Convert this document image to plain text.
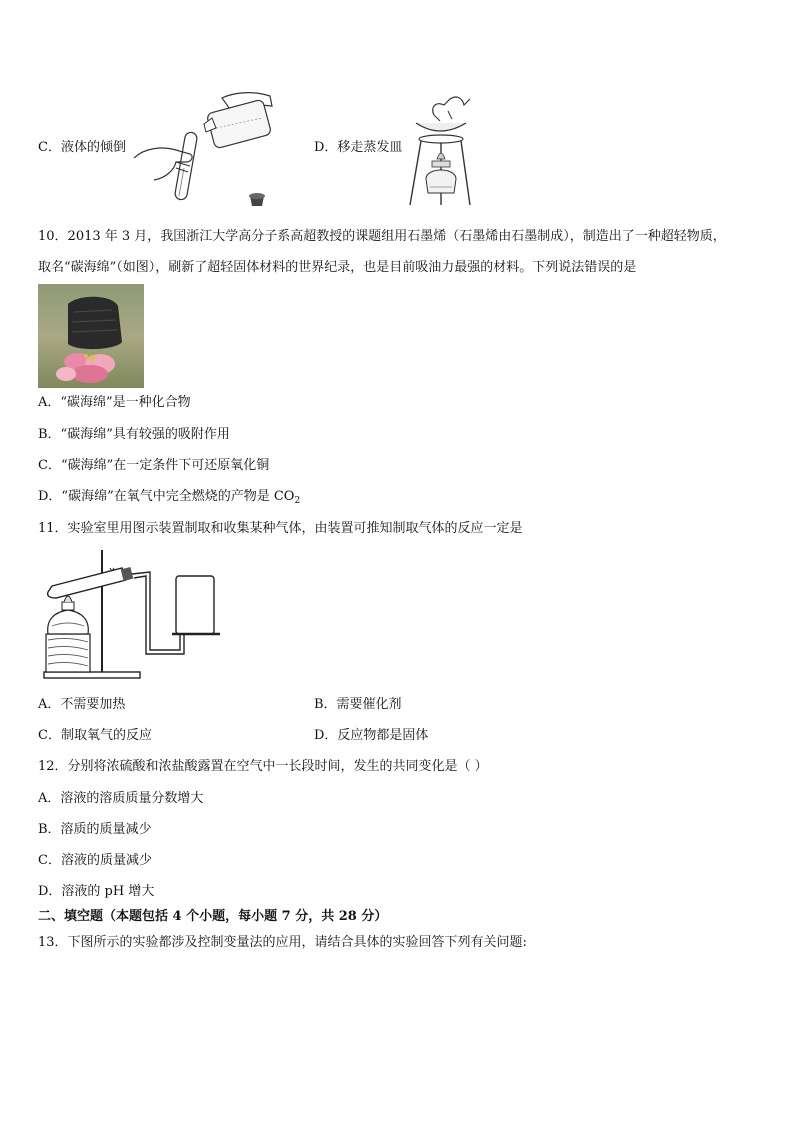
C．液体的倾倒	D．移走蒸发皿
10．2013 年 3 月，我国浙江大学高分子系高超教授的课题组用石墨烯（石墨烯由石墨制成），制造出了一种超轻物质，
取名“碳海绵”（如图），刷新了超轻固体材料的世界纪录，也是目前吸油力最强的材料。下列说法错误的是
A．“碳海绵”是一种化合物
B．“碳海绵”具有较强的吸附作用
C．“碳海绵”在一定条件下可还原氧化铜
D．“碳海绵”在氧气中完全燃烧的产物是 $CO_2$
11．实验室里用图示装置制取和收集某种气体，由装置可推知制取气体的反应一定是
A．不需要加热	B．需要催化剂
C．制取氧气的反应	D．反应物都是固体
12．分别将浓硫酸和浓盐酸露置在空气中一长段时间，发生的共同变化是（ ）
A．溶液的溶质质量分数增大
B．溶质的质量减少
C．溶液的质量减少
D．溶液的 pH 增大
二、填空题（本题包括 4 个小题，每小题 7 分，共 28 分）
13．下图所示的实验都涉及控制变量法的应用，请结合具体的实验回答下列有关问题:
